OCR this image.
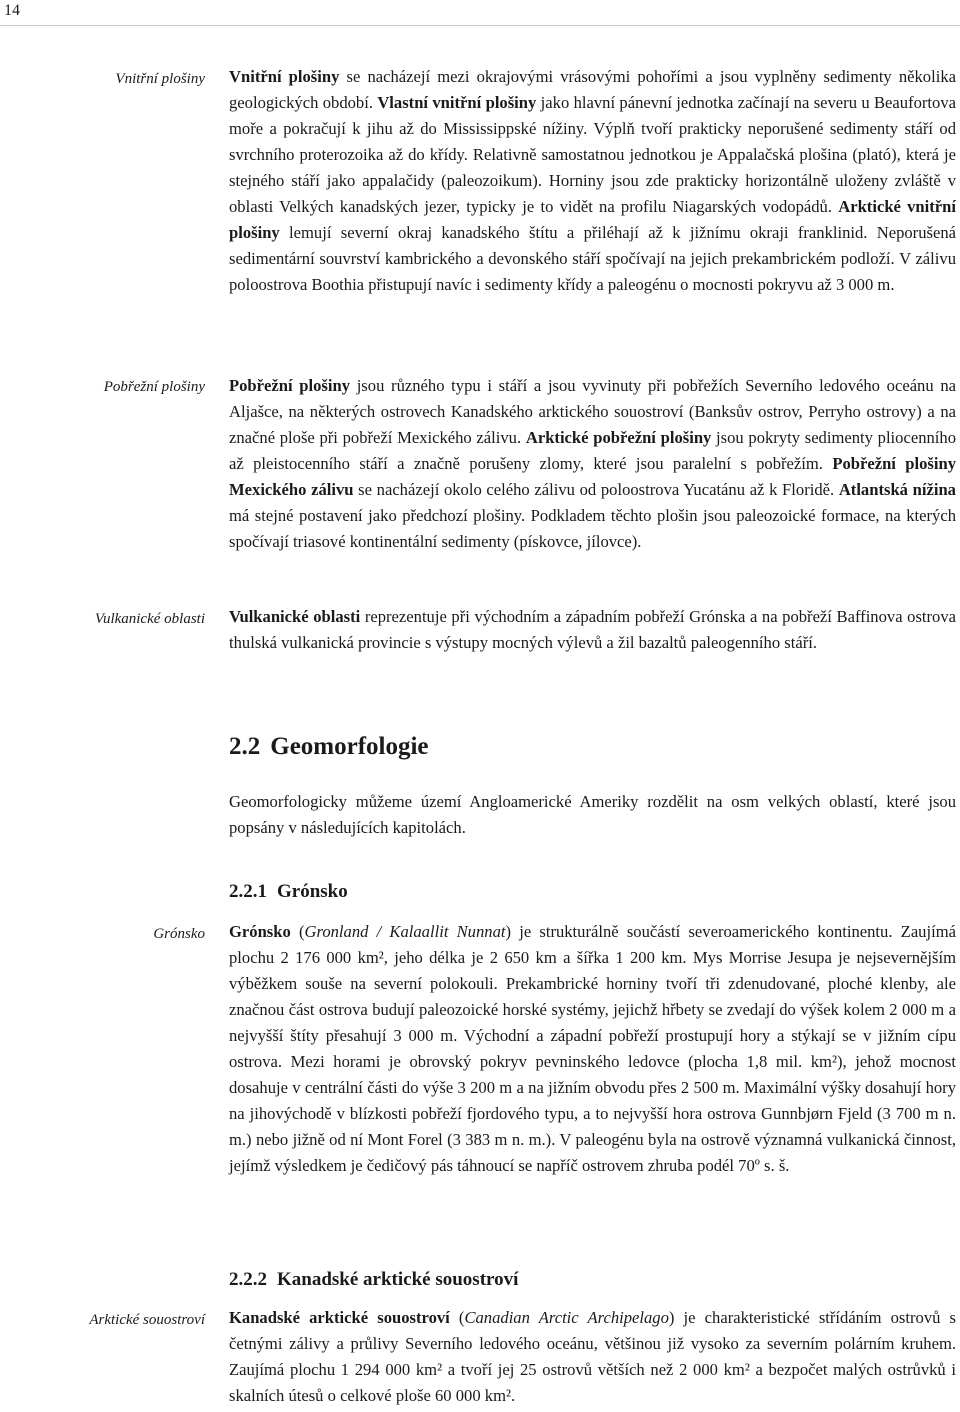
14
Vnitřní plošiny Vnitřní plošiny se nacházejí mezi okrajovými vrásovými pohořími a jsou vyplněny sedimenty několika geologických období. Vlastní vnitřní plošiny jako hlavní pánevní jednotka začínají na severu u Beaufortova moře a pokračují k jihu až do Mississippské nížiny. Výplň tvoří prakticky neporušené sedimenty stáří od svrchního proterozoika až do křídy. Relativně samostatnou jednotkou je Appalačská plošina (plató), která je stejného stáří jako appalačidy (paleozoikum). Horniny jsou zde prakticky horizontálně uloženy zvláště v oblasti Velkých kanadských jezer, typicky je to vidět na profilu Niagarských vodopádů. Arktické vnitřní plošiny lemují severní okraj kanadského štítu a přiléhají až k jižnímu okraji franklinid. Neporušená sedimentární souvrství kambrického a devonského stáří spočívají na jejich prekambrickém podloží. V zálivu poloostrova Boothia přistupují navíc i sedimenty křídy a paleogénu o mocnosti pokryvu až 3 000 m.

Pobřežní plošiny Pobřežní plošiny jsou různého typu i stáří a jsou vyvinuty při pobřežích Severního ledového oceánu na Aljašce, na některých ostrovech Kanadského arktického souostroví (Banksův ostrov, Perryho ostrovy) a na značné ploše při pobřeží Mexického zálivu. Arktické pobřežní plošiny jsou pokryty sedimenty pliocenního až pleistocenního stáří a značně porušeny zlomy, které jsou paralelní s pobřežím. Pobřežní plošiny Mexického zálivu se nacházejí okolo celého zálivu od poloostrova Yucatánu až k Floridě. Atlantská nížina má stejné postavení jako předchozí plošiny. Podkladem těchto plošin jsou paleozoické formace, na kterých spočívají triasové kontinentální sedimenty (pískovce, jílovce).

Vulkanické oblasti Vulkanické oblasti reprezentuje při východním a západním pobřeží Grónska a na pobřeží Baffinova ostrova thulská vulkanická provincie s výstupy mocných výlevů a žil bazaltů paleogenního stáří.

2.2 Geomorfologie

Geomorfologicky můžeme území Angloamerické Ameriky rozdělit na osm velkých oblastí, které jsou popsány v následujících kapitolách.

2.2.1 Grónsko
Grónsko Grónsko (Gronland / Kalaallit Nunnat) je strukturálně součástí severoamerického kontinentu. Zaujímá plochu 2 176 000 km², jeho délka je 2 650 km a šířka 1 200 km. Mys Morrise Jesupa je nejsevernějším výběžkem souše na severní polokouli. Prekambrické horniny tvoří tři zdenudované, ploché klenby, ale značnou část ostrova budují paleozoické horské systémy, jejichž hřbety se zvedají do výšek kolem 2 000 m a nejvyšší štíty přesahují 3 000 m. Východní a západní pobřeží prostupují hory a stýkají se v jižním cípu ostrova. Mezi horami je obrovský pokryv pevninského ledovce (plocha 1,8 mil. km²), jehož mocnost dosahuje v centrální části do výše 3 200 m a na jižním obvodu přes 2 500 m. Maximální výšky dosahují hory na jihovýchodě v blízkosti pobřeží fjordového typu, a to nejvyšší hora ostrova Gunnbjørn Fjeld (3 700 m n. m.) nebo jižně od ní Mont Forel (3 383 m n. m.). V paleogénu byla na ostrově významná vulkanická činnost, jejímž výsledkem je čedičový pás táhnoucí se napříč ostrovem zhruba podél 70º s. š.

2.2.2 Kanadské arktické souostroví
Arktické souostroví Kanadské arktické souostroví (Canadian Arctic Archipelago) je charakteristické střídáním ostrovů s četnými zálivy a průlivy Severního ledového oceánu, většinou již vysoko za severním polárním kruhem. Zaujímá plochu 1 294 000 km² a tvoří jej 25 ostrovů větších než 2 000 km² a bezpočet malých ostrůvků i skalních útesů o celkové ploše 60 000 km².
